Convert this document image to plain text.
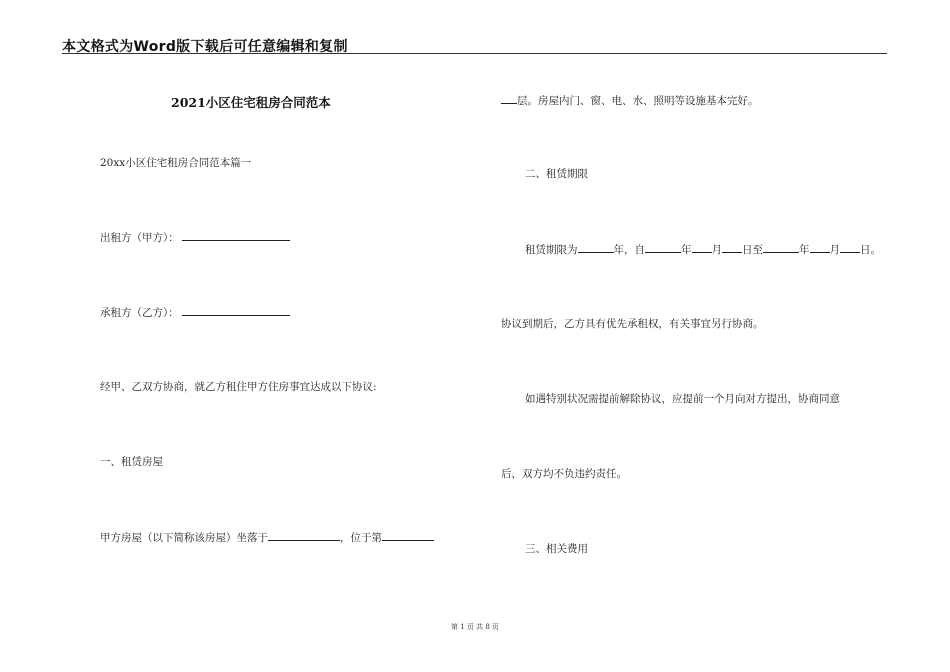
本文格式为Word版下载后可任意编辑和复制
2021小区住宅租房合同范本
20xx小区住宅租房合同范本篇一
出租方（甲方）：
承租方（乙方）：
经甲、乙双方协商，就乙方租住甲方住房事宜达成以下协议:
一、租赁房屋
甲方房屋（以下简称该房屋）坐落于	，位于第
层。房屋内门、窗、电、水、照明等设施基本完好。
二、租赁期限
租赁期限为	年，自	年 月 日至	年 月 日。
协议到期后，乙方具有优先承租权，有关事宜另行协商。
如遇特别状况需提前解除协议，应提前一个月向对方提出，协商同意
后，双方均不负违约责任。
三、相关费用
第 1 页 共 8 页
